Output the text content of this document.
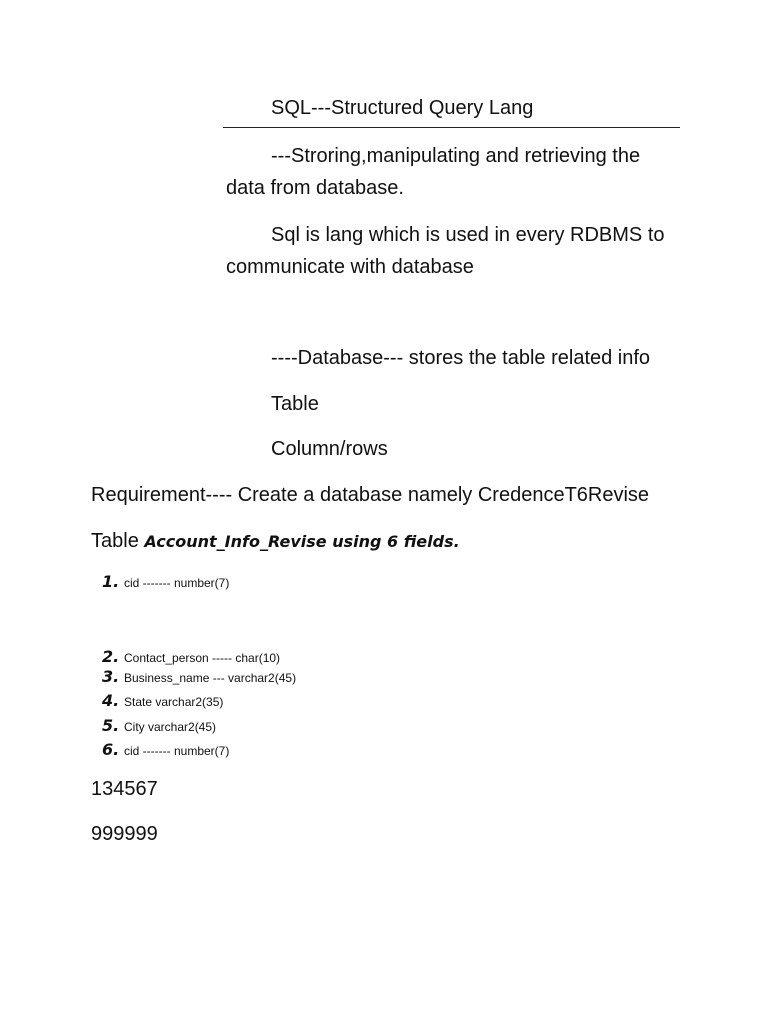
SQL---Structured Query Lang
---Stroring,manipulating and retrieving the
data from database.
Sql is lang which is used in every RDBMS to
communicate with database
----Database--- stores the table related info
Table
Column/rows
Requirement---- Create a database namely CredenceT6Revise
Table Account_Info_Revise using 6 fields.
1. cid ------- number(7)
2. Contact_person ----- char(10)
3. Business_name --- varchar2(45)
4. State varchar2(35)
5. City varchar2(45)
6. cid ------- number(7)
134567
999999
